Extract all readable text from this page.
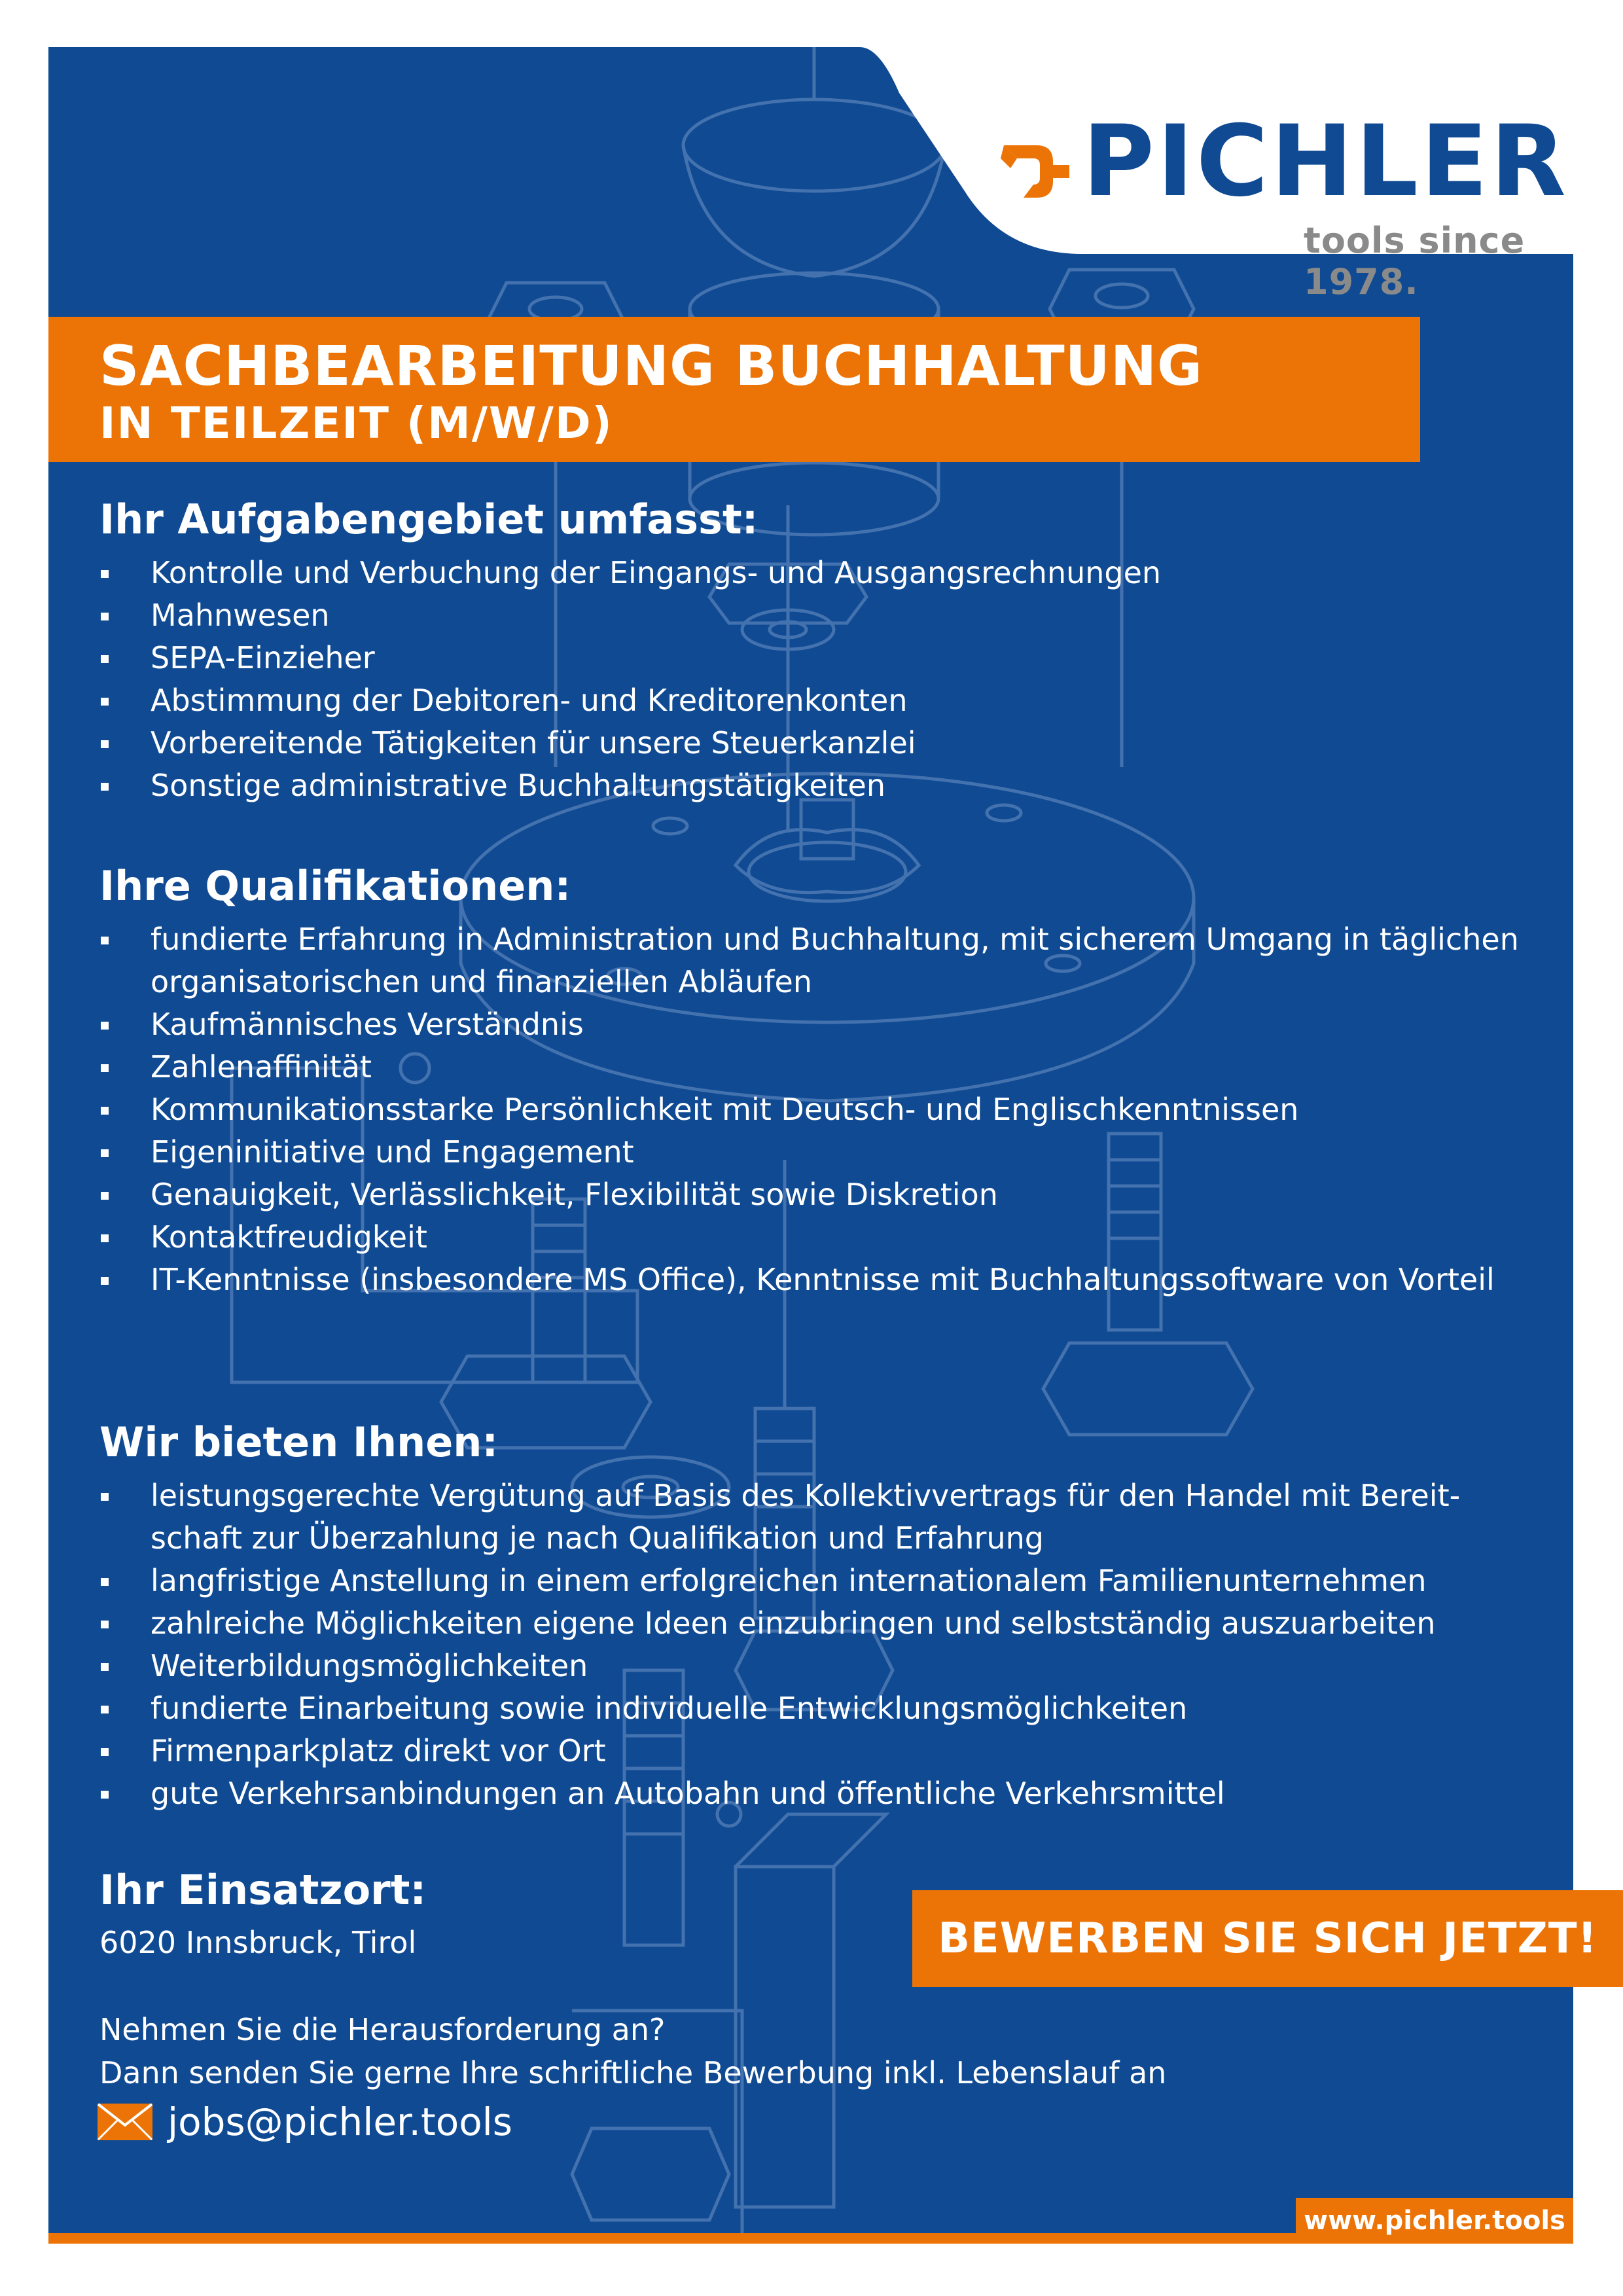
PICHLER
tools since 1978.
SACHBEARBEITUNG BUCHHALTUNG
IN TEILZEIT (M/W/D)
Ihr Aufgabengebiet umfasst:
Kontrolle und Verbuchung der Eingangs- und Ausgangsrechnungen
Mahnwesen
SEPA-Einzieher
Abstimmung der Debitoren- und Kreditorenkonten
Vorbereitende Tätigkeiten für unsere Steuerkanzlei
Sonstige administrative Buchhaltungstätigkeiten
Ihre Qualifikationen:
fundierte Erfahrung in Administration und Buchhaltung, mit sicherem Umgang in täglichen organisatorischen und finanziellen Abläufen
Kaufmännisches Verständnis
Zahlenaffinität
Kommunikationsstarke Persönlichkeit mit Deutsch- und Englischkenntnissen
Eigeninitiative und Engagement
Genauigkeit, Verlässlichkeit, Flexibilität sowie Diskretion
Kontaktfreudigkeit
IT-Kenntnisse (insbesondere MS Office), Kenntnisse mit Buchhaltungssoftware von Vorteil
Wir bieten Ihnen:
leistungsgerechte Vergütung auf Basis des Kollektivvertrags für den Handel mit Bereit-schaft zur Überzahlung je nach Qualifikation und Erfahrung
langfristige Anstellung in einem erfolgreichen internationalem Familienunternehmen
zahlreiche Möglichkeiten eigene Ideen einzubringen und selbstständig auszuarbeiten
Weiterbildungsmöglichkeiten
fundierte Einarbeitung sowie individuelle Entwicklungsmöglichkeiten
Firmenparkplatz direkt vor Ort
gute Verkehrsanbindungen an Autobahn und öffentliche Verkehrsmittel
Ihr Einsatzort:

6020 Innsbruck, Tirol	BEWERBEN SIE SICH JETZT!

Nehmen Sie die Herausforderung an?

Dann senden Sie gerne Ihre schriftliche Bewerbung inkl. Lebenslauf an

jobs@pichler.tools
www.pichler.tools
